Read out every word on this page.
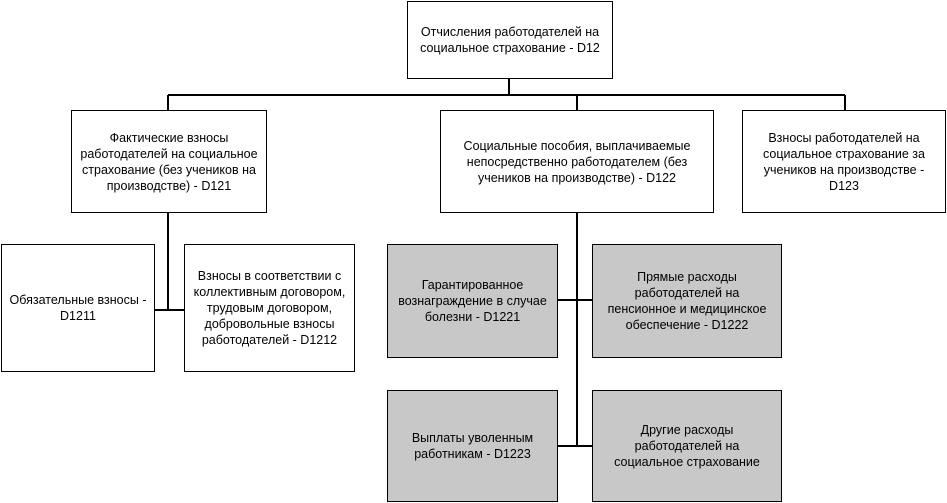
Отчисления работодателей на социальное страхование - D12
Фактические взносы работодателей на социальное страхование (без учеников на производстве) - D121
Социальные пособия, выплачиваемые непосредственно работодателем (без учеников на производстве) - D122
Взносы работодателей на социальное страхование за учеников на производстве - D123
Обязательные взносы - D1211
Взносы в соответствии с коллективным договором, трудовым договором, добровольные взносы работодателей - D1212
Гарантированное вознаграждение в случае болезни - D1221
Прямые расходы работодателей на пенсионное и медицинское обеспечение - D1222
Выплаты уволенным работникам - D1223
Другие расходы работодателей на социальное страхование
